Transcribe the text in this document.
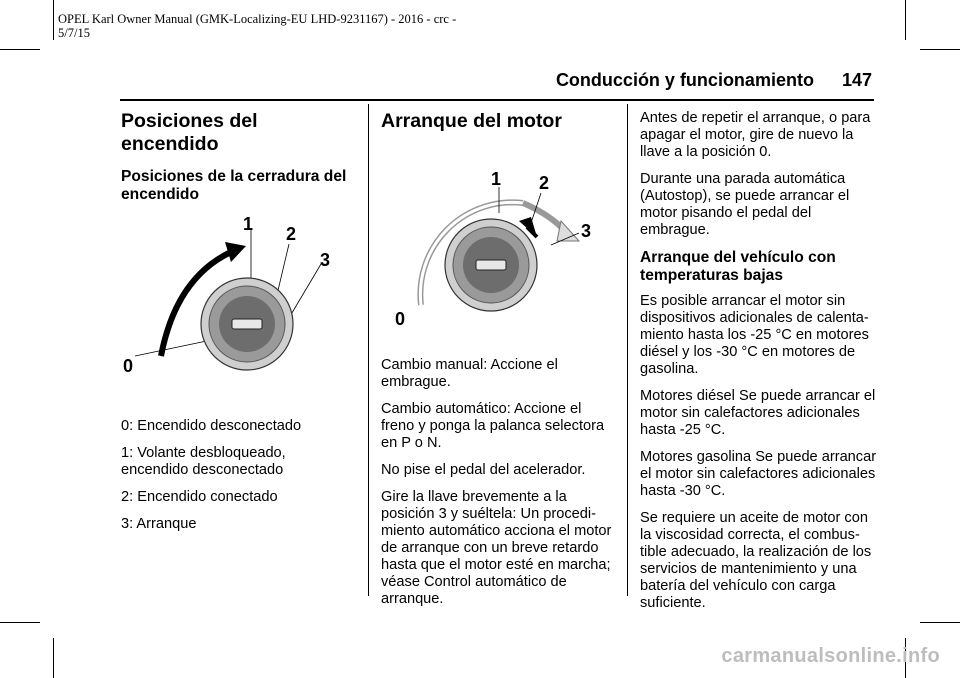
OPEL Karl Owner Manual (GMK-Localizing-EU LHD-9231167) - 2016 - crc -
5/7/15
Conducción y funcionamiento 147
Posiciones del encendido
Posiciones de la cerradura del encendido
0
1 2
3

0: Encendido desconectado

1: Volante desbloqueado, encendido desconectado

2: Encendido conectado

3: Arranque

Arranque del motor
0
1 2
3

Cambio manual: Accione el embrague.

Cambio automático: Accione el freno y ponga la palanca selectora en P o N.

No pise el pedal del acelerador.

Gire la llave brevemente a la posición 3 y suéltela: Un procedi-miento automático acciona el motor de arranque con un breve retardo hasta que el motor esté en marcha; véase Control automático de arranque.

Antes de repetir el arranque, o para apagar el motor, gire de nuevo la llave a la posición 0.

Durante una parada automática (Autostop), se puede arrancar el motor pisando el pedal del embrague.

Arranque del vehículo con temperaturas bajas

Es posible arrancar el motor sin dispositivos adicionales de calenta-miento hasta los -25 °C en motores diésel y los -30 °C en motores de gasolina.

Motores diésel Se puede arrancar el motor sin calefactores adicionales hasta -25 °C.

Motores gasolina Se puede arrancar el motor sin calefactores adicionales hasta -30 °C.

Se requiere un aceite de motor con la viscosidad correcta, el combus-tible adecuado, la realización de los servicios de mantenimiento y una batería del vehículo con carga suficiente.

carmanualsonline.info
